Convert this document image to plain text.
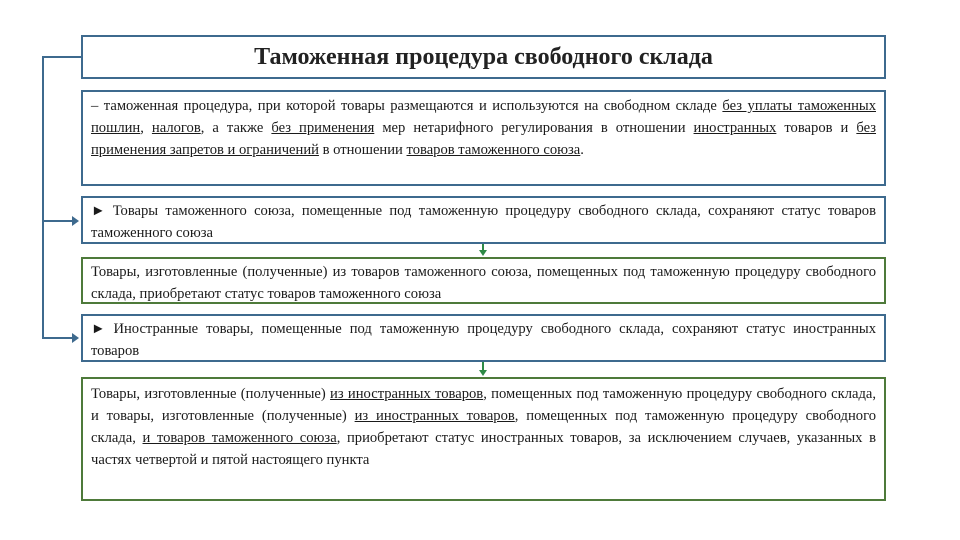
Таможенная процедура свободного склада
– таможенная процедура, при которой товары размещаются и используются на свободном складе без уплаты таможенных пошлин, налогов, а также без применения мер нетарифного регулирования в отношении иностранных товаров и без применения запретов и ограничений в отношении товаров таможенного союза.
► Товары таможенного союза, помещенные под таможенную процедуру свободного склада, сохраняют статус товаров таможенного союза
Товары, изготовленные (полученные) из товаров таможенного союза, помещенных под таможенную процедуру свободного склада, приобретают статус товаров таможенного союза
► Иностранные товары, помещенные под таможенную процедуру свободного склада, сохраняют статус иностранных товаров
Товары, изготовленные (полученные) из иностранных товаров, помещенных под таможенную процедуру свободного склада, и товары, изготовленные (полученные) из иностранных товаров, помещенных под таможенную процедуру свободного склада, и товаров таможенного союза, приобретают статус иностранных товаров, за исключением случаев, указанных в частях четвертой и пятой настоящего пункта
